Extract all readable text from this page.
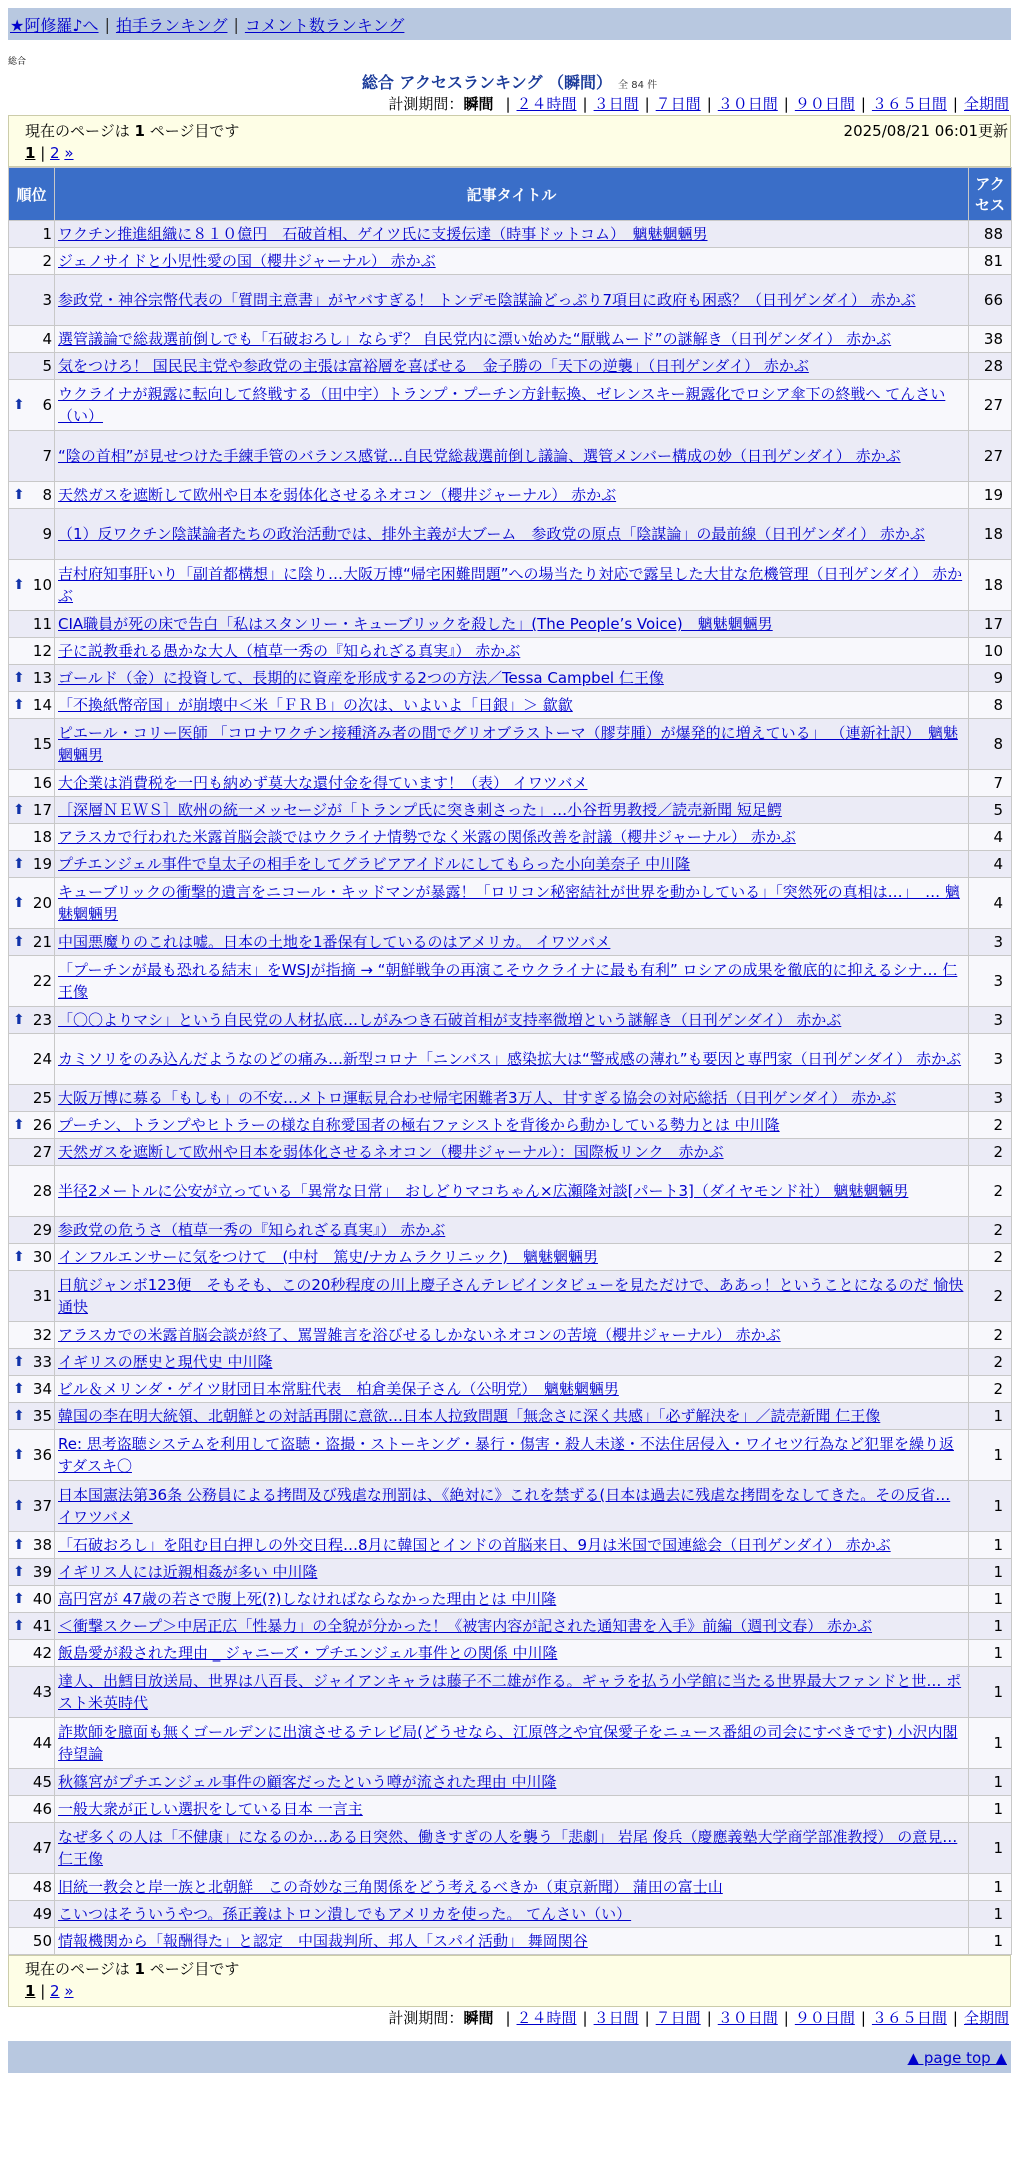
★阿修羅♪へ | 拍手ランキング | コメント数ランキング
総合
総合 アクセスランキング （瞬間） 全 84 件
計測期間： 瞬間 | ２４時間 | ３日間 | ７日間 | ３０日間 | ９０日間 | ３６５日間 | 全期間
現在のページは 1 ページ目です	2025/08/21 06:01更新
1 | 2 »
順位	記事タイトル	アクセス
1	ワクチン推進組織に８１０億円　石破首相、ゲイツ氏に支援伝達（時事ドットコム）　魑魅魍魎男	88
2	ジェノサイドと小児性愛の国（櫻井ジャーナル） 赤かぶ	81
3	参政党・神谷宗幣代表の「質問主意書」がヤバすぎる！ トンデモ陰謀論どっぷり7項目に政府も困惑？（日刊ゲンダイ） 赤かぶ	66
4	選管議論で総裁選前倒しでも「石破おろし」ならず？ 自民党内に漂い始めた“厭戦ムード”の謎解き（日刊ゲンダイ） 赤かぶ	38
5	気をつけろ！ 国民民主党や参政党の主張は富裕層を喜ばせる　金子勝の「天下の逆襲」（日刊ゲンダイ） 赤かぶ	28

⬆ 6	ウクライナが親露に転向して終戦する（田中宇）トランプ・プーチン方針転換、ゼレンスキー親露化でロシア傘下の終戦へ てんさい（い）	27
7	“陰の首相”が見せつけた手練手管のバランス感覚…自民党総裁選前倒し議論、選管メンバー構成の妙（日刊ゲンダイ） 赤かぶ	27

⬆ 8	天然ガスを遮断して欧州や日本を弱体化させるネオコン（櫻井ジャーナル） 赤かぶ	19
9	（1）反ワクチン陰謀論者たちの政治活動では、排外主義が大ブーム　参政党の原点「陰謀論」の最前線（日刊ゲンダイ） 赤かぶ	18

⬆ 10	吉村府知事肝いり「副首都構想」に陰り…大阪万博“帰宅困難問題”への場当たり対応で露呈した大甘な危機管理（日刊ゲンダイ） 赤かぶ	18
11	CIA職員が死の床で告白「私はスタンリー・キューブリックを殺した」(The People’s Voice)　魑魅魍魎男	17
12	子に説教垂れる愚かな大人（植草一秀の『知られざる真実』） 赤かぶ	10

⬆ 13	ゴールド（金）に投資して、長期的に資産を形成する2つの方法／Tessa Campbel 仁王像	9

⬆ 14	「不換紙幣帝国」が崩壊中＜米「ＦＲＢ」の次は、いよいよ「日銀」＞ 歙歙	8
15	ピエール・コリー医師 「コロナワクチン接種済み者の間でグリオブラストーマ（膠芽腫）が爆発的に増えている」 （連新社訳）　魑魅魍魎男	8
16	大企業は消費税を一円も納めず莫大な還付金を得ています！（表） イワツバメ	7

⬆ 17	［深層ＮＥＷＳ］欧州の統一メッセージが「トランプ氏に突き刺さった」…小谷哲男教授／読売新聞 短足鰐	5
18	アラスカで行われた米露首脳会談ではウクライナ情勢でなく米露の関係改善を討議（櫻井ジャーナル） 赤かぶ	4

⬆ 19	プチエンジェル事件で皇太子の相手をしてグラビアアイドルにしてもらった小向美奈子 中川隆	4

⬆ 20	キューブリックの衝撃的遺言をニコール・キッドマンが暴露！「ロリコン秘密結社が世界を動かしている」「突然死の真相は…」　… 魑魅魍魎男	4

⬆ 21	中国悪魔りのこれは嘘。日本の土地を1番保有しているのはアメリカ。 イワツバメ	3
22	「プーチンが最も恐れる結末」をWSJが指摘 → “朝鮮戦争の再演こそウクライナに最も有利” ロシアの成果を徹底的に抑えるシナ… 仁王像	3

⬆ 23	「〇〇よりマシ」という自民党の人材払底…しがみつき石破首相が支持率微増という謎解き（日刊ゲンダイ） 赤かぶ	3
24	カミソリをのみ込んだようなのどの痛み…新型コロナ「ニンバス」感染拡大は“警戒感の薄れ”も要因と専門家（日刊ゲンダイ） 赤かぶ	3
25	大阪万博に募る「もしも」の不安…メトロ運転見合わせ帰宅困難者3万人、甘すぎる協会の対応総括（日刊ゲンダイ） 赤かぶ	3

⬆ 26	プーチン、トランプやヒトラーの様な自称愛国者の極右ファシストを背後から動かしている勢力とは 中川隆	2
27	天然ガスを遮断して欧州や日本を弱体化させるネオコン（櫻井ジャーナル）：国際板リンク　赤かぶ	2
28	半径2メートルに公安が立っている「異常な日常」　おしどりマコちゃん×広瀬隆対談[パート3]（ダイヤモンド社） 魑魅魍魎男	2
29	参政党の危うさ（植草一秀の『知られざる真実』） 赤かぶ	2

⬆ 30	インフルエンサーに気をつけて　(中村　篤史/ナカムラクリニック)　魑魅魍魎男	2
31	日航ジャンボ123便　そもそも、この20秒程度の川上慶子さんテレビインタビューを見ただけで、ああっ！ということになるのだ 愉快通快	2
32	アラスカでの米露首脳会談が終了、罵詈雑言を浴びせるしかないネオコンの苦境（櫻井ジャーナル） 赤かぶ	2

⬆ 33	イギリスの歴史と現代史 中川隆	2

⬆ 34	ビル＆メリンダ・ゲイツ財団日本常駐代表　柏倉美保子さん（公明党）　魑魅魍魎男	2

⬆ 35	韓国の李在明大統領、北朝鮮との対話再開に意欲…日本人拉致問題「無念さに深く共感」「必ず解決を」／読売新聞 仁王像	1

⬆ 36	Re: 思考盗聴システムを利用して盗聴・盗撮・ストーキング・暴行・傷害・殺人未遂・不法住居侵入・ワイセツ行為など犯罪を繰り返すダスキ〇	1

⬆ 37	日本国憲法第36条 公務員による拷問及び残虐な刑罰は、《絶対に》これを禁ずる(日本は過去に残虐な拷問をなしてきた。その反省… イワツバメ	1

⬆ 38	「石破おろし」を阻む目白押しの外交日程…8月に韓国とインドの首脳来日、9月は米国で国連総会（日刊ゲンダイ） 赤かぶ	1

⬆ 39	イギリス人には近親相姦が多い 中川隆	1

⬆ 40	高円宮が 47歳の若さで腹上死(?)しなければならなかった理由とは 中川隆	1

⬆ 41	＜衝撃スクープ＞中居正広「性暴力」の全貌が分かった！《被害内容が記された通知書を入手》前編（週刊文春） 赤かぶ	1
42	飯島愛が殺された理由 _ ジャニーズ・プチエンジェル事件との関係 中川隆	1
43	達人、出鱈目放送局、世界は八百長、ジャイアンキャラは藤子不二雄が作る。ギャラを払う小学館に当たる世界最大ファンドと世… ポスト米英時代	1
44	詐欺師を臆面も無くゴールデンに出演させるテレビ局(どうせなら、江原啓之や宜保愛子をニュース番組の司会にすべきです) 小沢内閣待望論	1
45	秋篠宮がプチエンジェル事件の顧客だったという噂が流された理由 中川隆	1
46	一般大衆が正しい選択をしている日本 一言主	1
47	なぜ多くの人は「不健康」になるのか…ある日突然、働きすぎの人を襲う「悲劇」 岩尾 俊兵（慶應義塾大学商学部准教授） の意見… 仁王像	1
48	旧統一教会と岸一族と北朝鮮　この奇妙な三角関係をどう考えるべきか（東京新聞） 蒲田の富士山	1
49	こいつはそういうやつ。孫正義はトロン潰しでもアメリカを使った。 てんさい（い）	1
50	情報機関から「報酬得た」と認定　中国裁判所、邦人「スパイ活動」 舞岡関谷	1
現在のページは 1 ページ目です
1 | 2 »
計測期間： 瞬間 | ２４時間 | ３日間 | ７日間 | ３０日間 | ９０日間 | ３６５日間 | 全期間
▲ page top ▲
